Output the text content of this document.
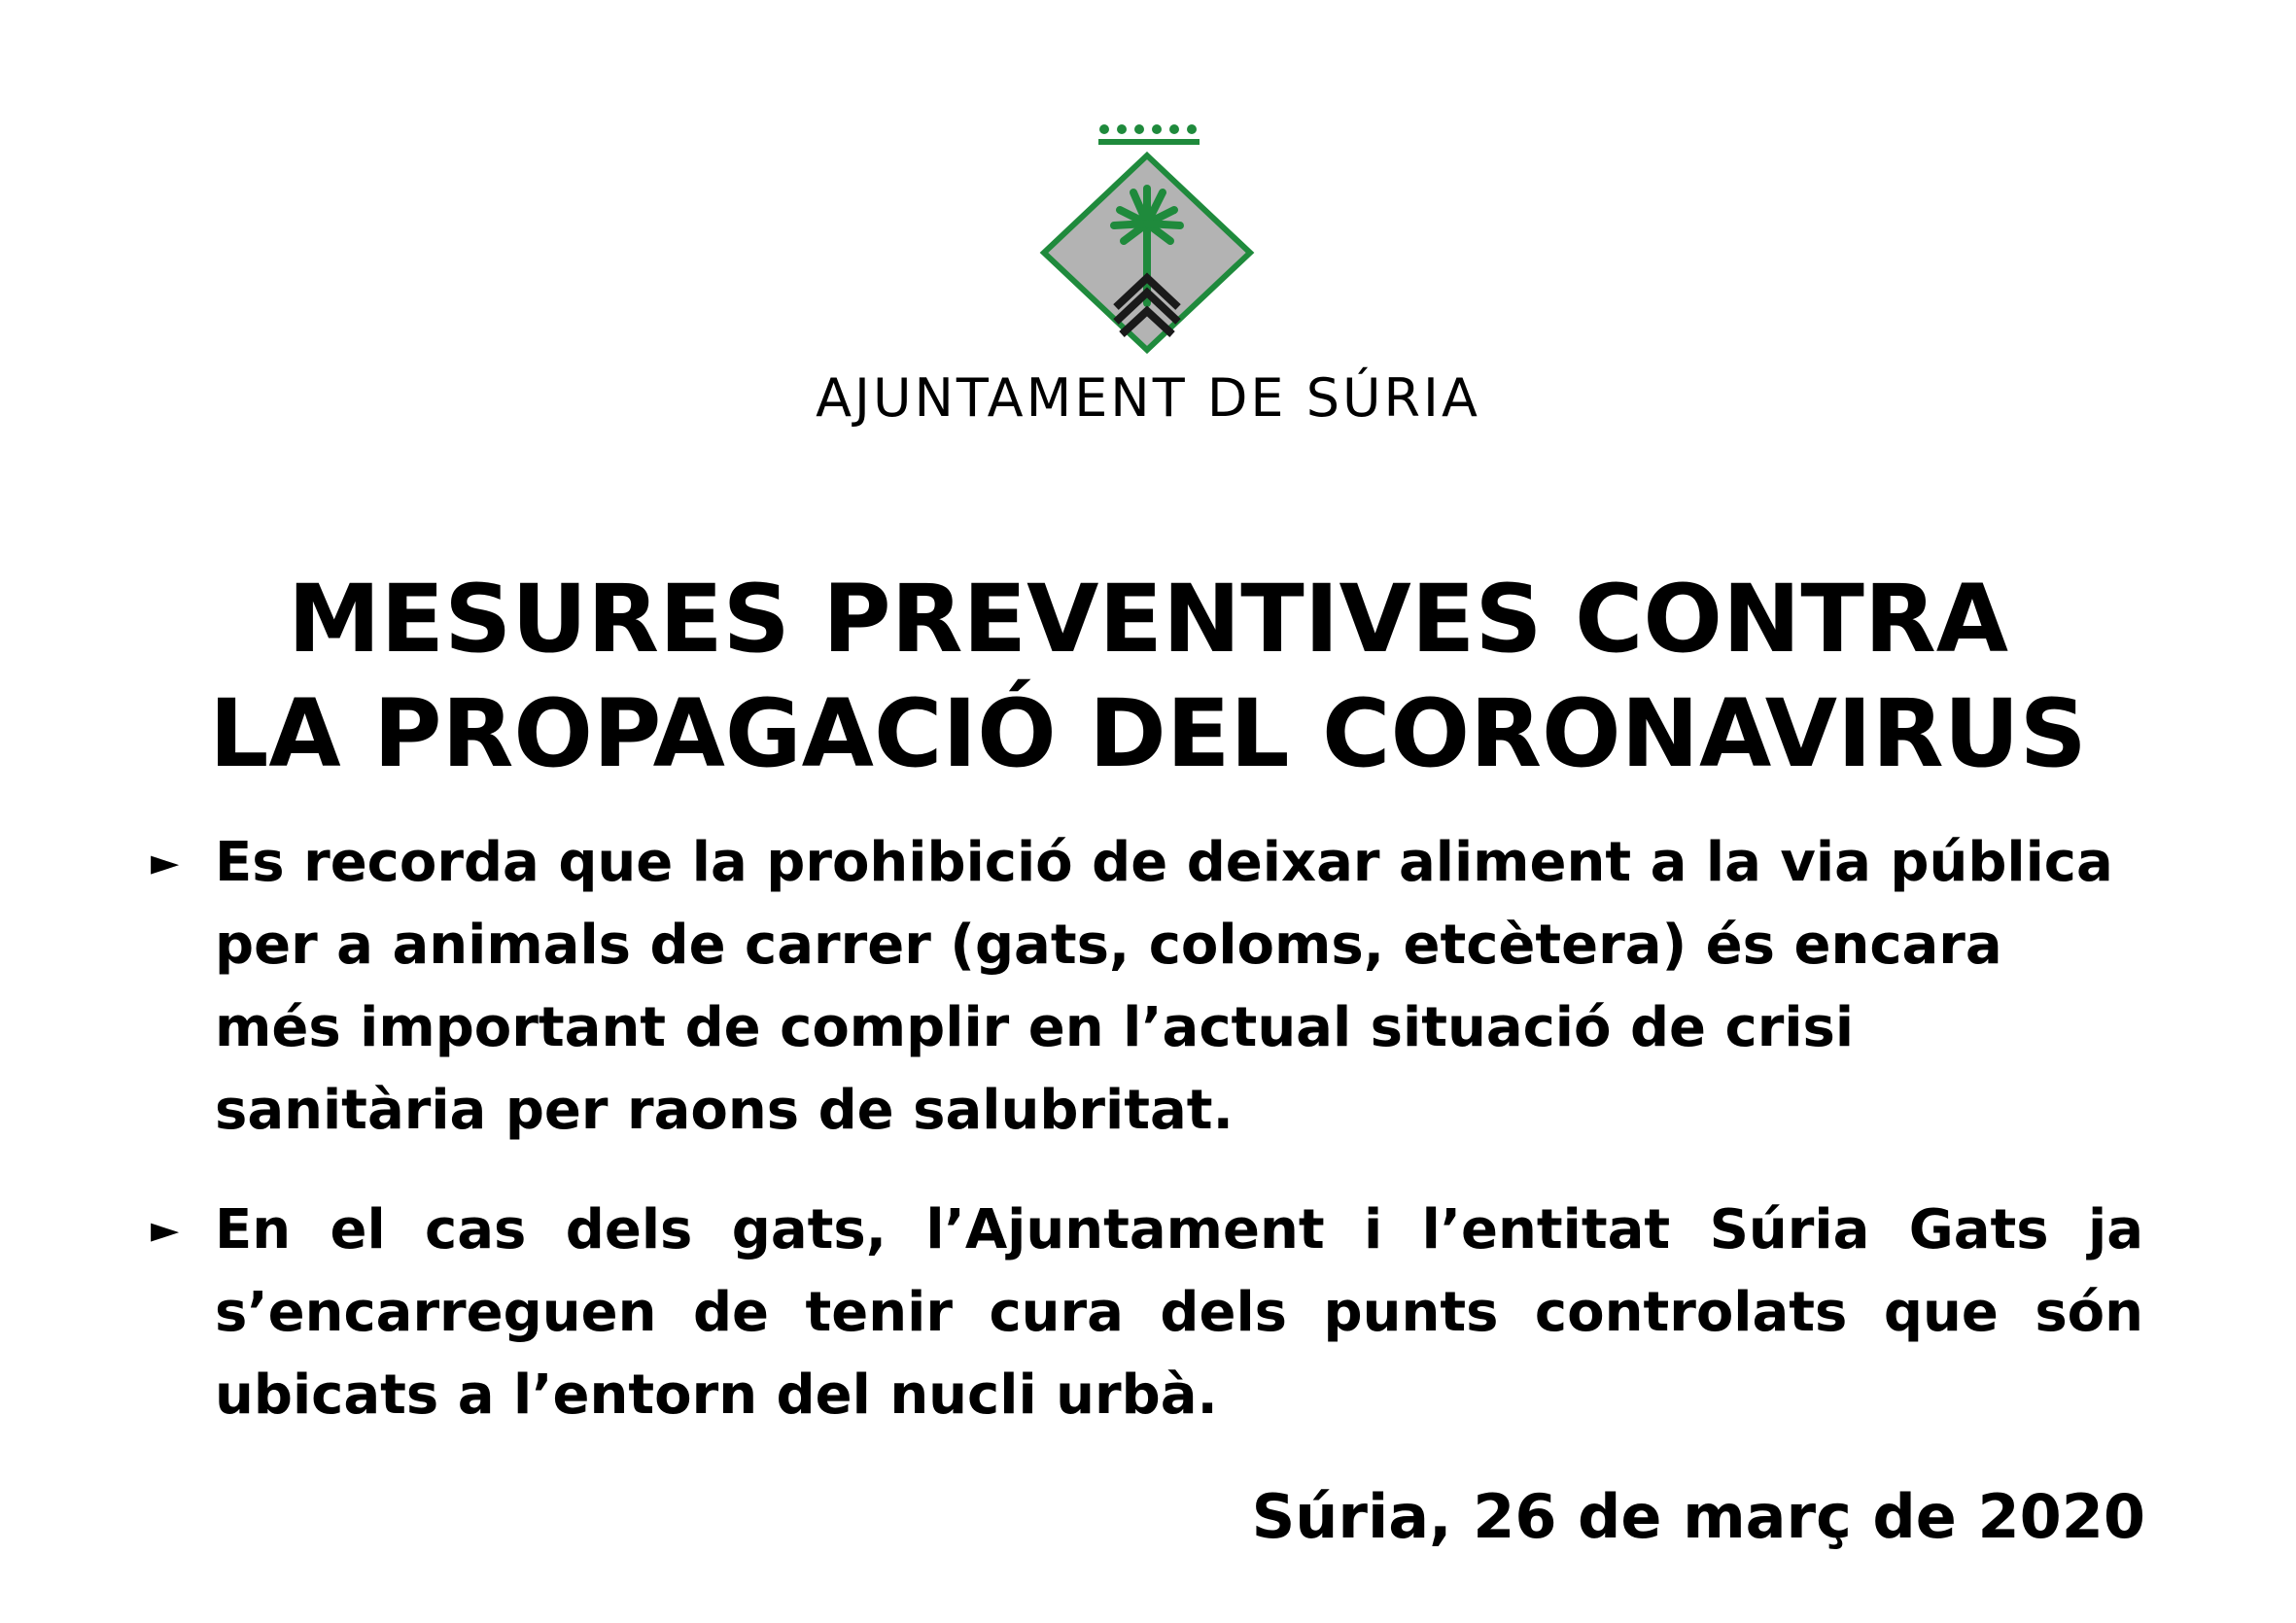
AJUNTAMENT DE SÚRIA
MESURES PREVENTIVES CONTRA
LA PROPAGACIÓ DEL CORONAVIRUS
► Es recorda que la prohibició de deixar aliment a la via pública per a animals de carrer (gats, coloms, etcètera) és encara més important de complir en l’actual situació de crisi sanitària per raons de salubritat.
► En el cas dels gats, l’Ajuntament i l’entitat Súria Gats ja s’encarreguen de tenir cura dels punts controlats que són ubicats a l’entorn del nucli urbà.
Súria, 26 de març de 2020
